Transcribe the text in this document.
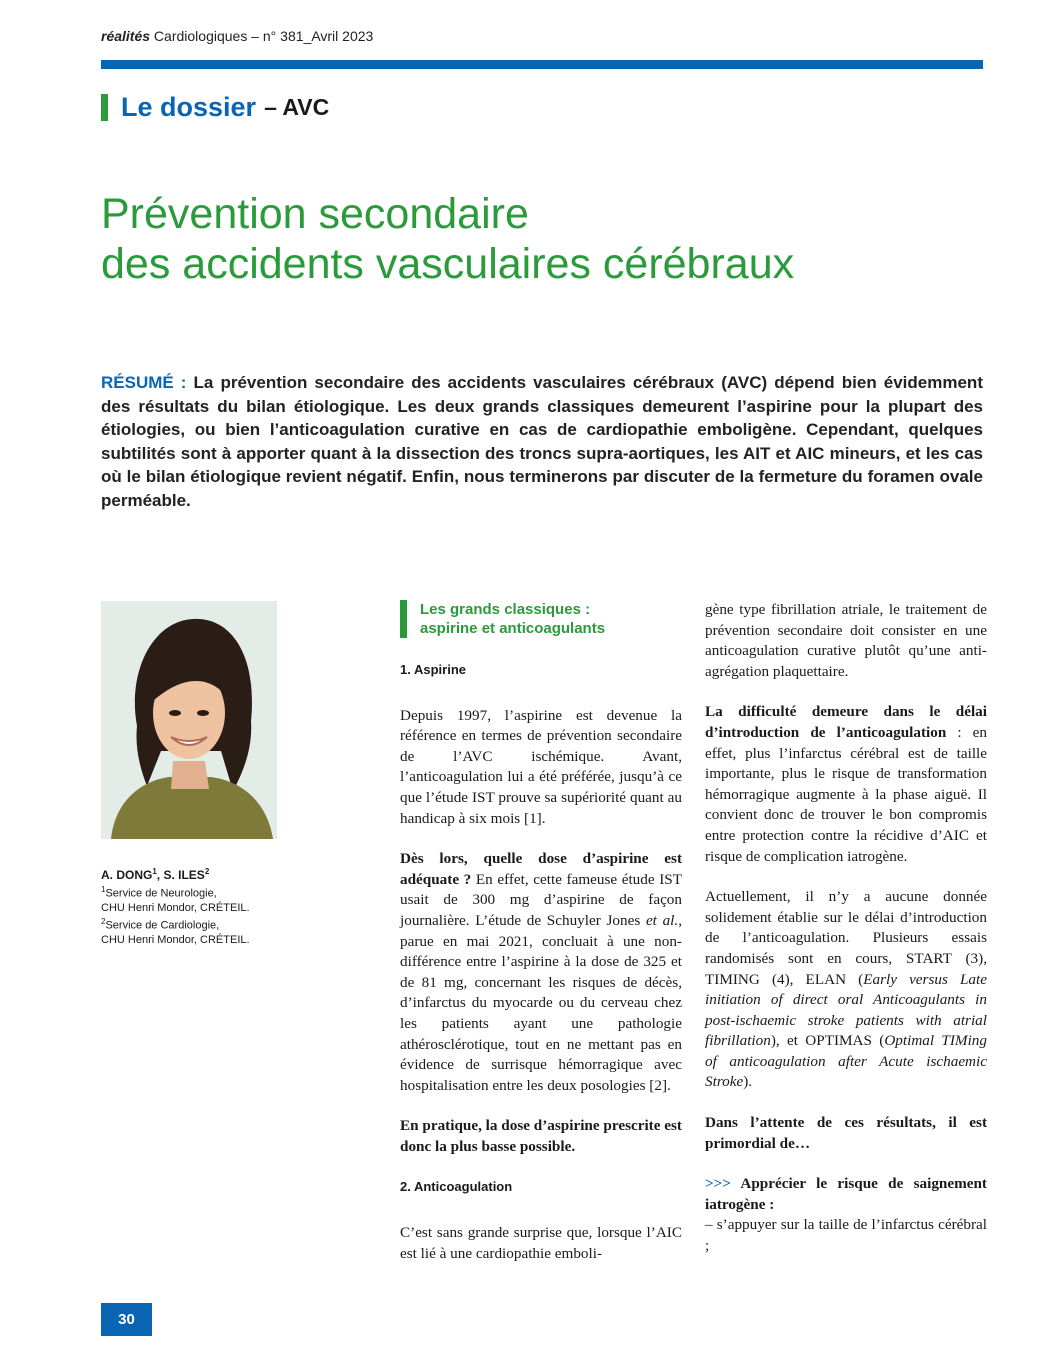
réalités Cardiologiques – n° 381_Avril 2023
Le dossier – AVC
Prévention secondaire
des accidents vasculaires cérébraux
RÉSUMÉ : La prévention secondaire des accidents vasculaires cérébraux (AVC) dépend bien évidemment des résultats du bilan étiologique. Les deux grands classiques demeurent l’aspirine pour la plupart des étiologies, ou bien l’anticoagulation curative en cas de cardiopathie emboligène. Cependant, quelques subtilités sont à apporter quant à la dissection des troncs supra-aortiques, les AIT et AIC mineurs, et les cas où le bilan étiologique revient négatif. Enfin, nous terminerons par discuter de la fermeture du foramen ovale perméable.
A. DONG$^1$, S. ILES$^2$
$^1$Service de Neurologie,
CHU Henri Mondor, CRÉTEIL.
$^2$Service de Cardiologie,
CHU Henri Mondor, CRÉTEIL.
Les grands classiques :
aspirine et anticoagulants

1. Aspirine

Depuis 1997, l’aspirine est devenue la référence en termes de prévention secondaire de l’AVC ischémique. Avant, l’anticoagulation lui a été préférée, jusqu’à ce que l’étude IST prouve sa supériorité quant au handicap à six mois [1].

Dès lors, quelle dose d’aspirine est adéquate ? En effet, cette fameuse étude IST usait de 300 mg d’aspirine de façon journalière. L’étude de Schuyler Jones et al., parue en mai 2021, concluait à une non-différence entre l’aspirine à la dose de 325 et de 81 mg, concernant les risques de décès, d’infarctus du myocarde ou du cerveau chez les patients ayant une pathologie athérosclérotique, tout en ne mettant pas en évidence de surrisque hémorragique avec hospitalisation entre les deux posologies [2].

En pratique, la dose d’aspirine prescrite est donc la plus basse possible.

2. Anticoagulation

C’est sans grande surprise que, lorsque l’AIC est lié à une cardiopathie emboli-

gène type fibrillation atriale, le traitement de prévention secondaire doit consister en une anticoagulation curative plutôt qu’une anti-agrégation plaquettaire.

La difficulté demeure dans le délai d’introduction de l’anticoagulation : en effet, plus l’infarctus cérébral est de taille importante, plus le risque de transformation hémorragique augmente à la phase aiguë. Il convient donc de trouver le bon compromis entre protection contre la récidive d’AIC et risque de complication iatrogène.

Actuellement, il n’y a aucune donnée solidement établie sur le délai d’introduction de l’anticoagulation. Plusieurs essais randomisés sont en cours, START (3), TIMING (4), ELAN (Early versus Late initiation of direct oral Anticoagulants in post-ischaemic stroke patients with atrial fibrillation), et OPTIMAS (Optimal TIMing of anticoagulation after Acute ischaemic Stroke).

Dans l’attente de ces résultats, il est primordial de…

>>> Apprécier le risque de saignement iatrogène :

– s’appuyer sur la taille de l’infarctus cérébral ;

30
